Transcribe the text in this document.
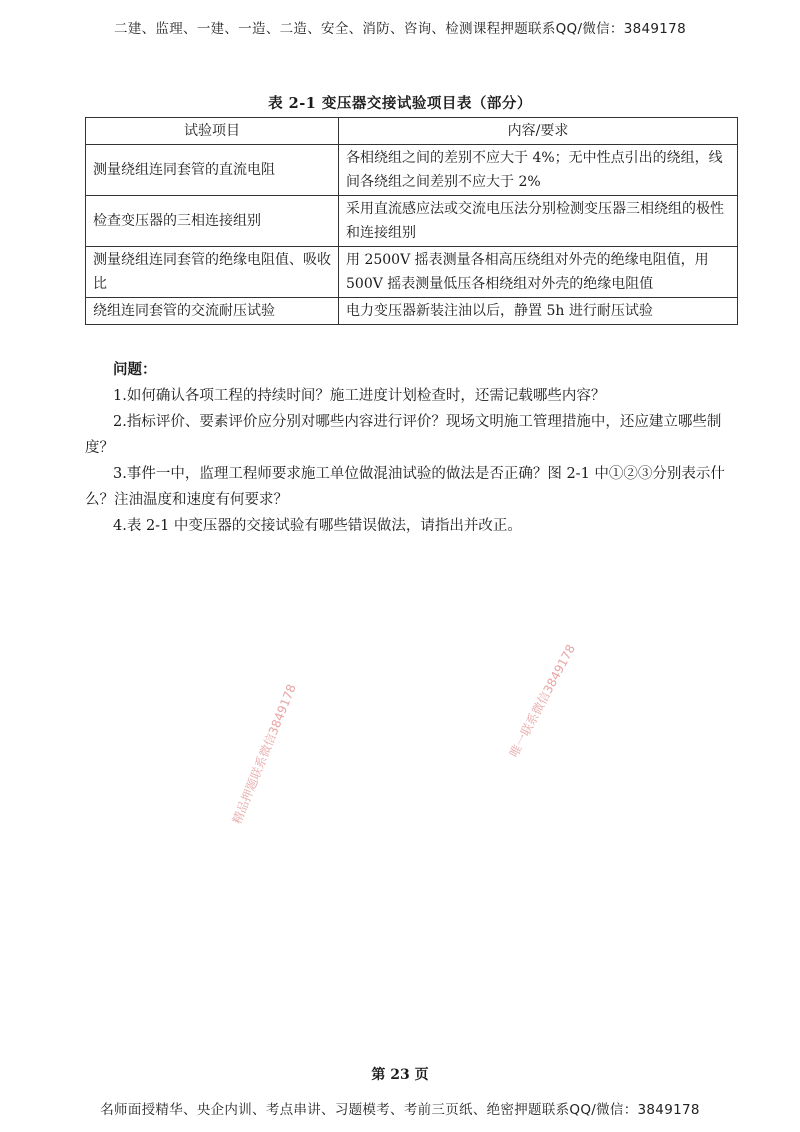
二建、监理、一建、一造、二造、安全、消防、咨询、检测课程押题联系QQ/微信：3849178
表 2-1 变压器交接试验项目表（部分）
试验项目	内容/要求
测量绕组连同套管的直流电阻	各相绕组之间的差别不应大于 4%；无中性点引出的绕组，线间各绕组之间差别不应大于 2%
检查变压器的三相连接组别	采用直流感应法或交流电压法分别检测变压器三相绕组的极性和连接组别
测量绕组连同套管的绝缘电阻值、吸收比	用 2500V 摇表测量各相高压绕组对外壳的绝缘电阻值，用 500V 摇表测量低压各相绕组对外壳的绝缘电阻值
绕组连同套管的交流耐压试验	电力变压器新装注油以后，静置 5h 进行耐压试验
问题：

1.如何确认各项工程的持续时间？施工进度计划检查时，还需记载哪些内容？

2.指标评价、要素评价应分别对哪些内容进行评价？现场文明施工管理措施中，还应建立哪些制度？

3.事件一中，监理工程师要求施工单位做混油试验的做法是否正确？图 2-1 中①②③分别表示什么？注油温度和速度有何要求？

4.表 2-1 中变压器的交接试验有哪些错误做法，请指出并改正。

精品押题联系微信3849178	唯一联系微信3849178
第 23 页
名师面授精华、央企内训、考点串讲、习题模考、考前三页纸、绝密押题联系QQ/微信：3849178
